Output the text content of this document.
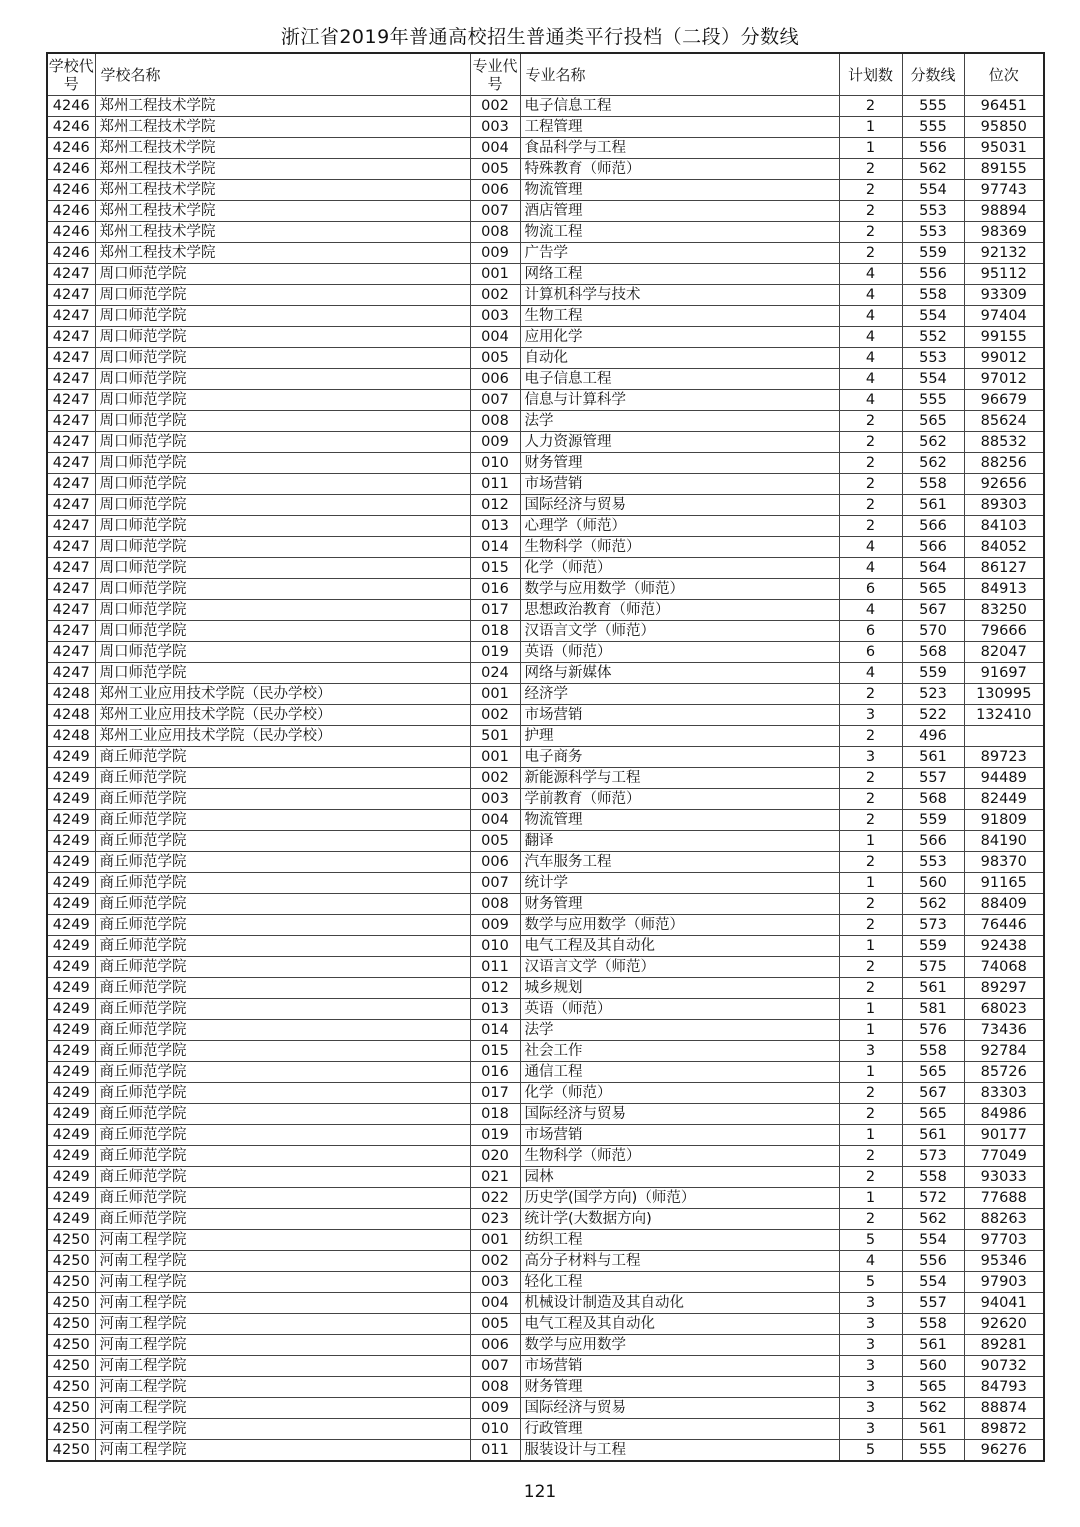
浙江省2019年普通高校招生普通类平行投档（二段）分数线
学校代号	学校名称	专业代号	专业名称	计划数	分数线	位次
4246	郑州工程技术学院	002	电子信息工程	2	555	96451
4246	郑州工程技术学院	003	工程管理	1	555	95850
4246	郑州工程技术学院	004	食品科学与工程	1	556	95031
4246	郑州工程技术学院	005	特殊教育（师范）	2	562	89155
4246	郑州工程技术学院	006	物流管理	2	554	97743
4246	郑州工程技术学院	007	酒店管理	2	553	98894
4246	郑州工程技术学院	008	物流工程	2	553	98369
4246	郑州工程技术学院	009	广告学	2	559	92132
4247	周口师范学院	001	网络工程	4	556	95112
4247	周口师范学院	002	计算机科学与技术	4	558	93309
4247	周口师范学院	003	生物工程	4	554	97404
4247	周口师范学院	004	应用化学	4	552	99155
4247	周口师范学院	005	自动化	4	553	99012
4247	周口师范学院	006	电子信息工程	4	554	97012
4247	周口师范学院	007	信息与计算科学	4	555	96679
4247	周口师范学院	008	法学	2	565	85624
4247	周口师范学院	009	人力资源管理	2	562	88532
4247	周口师范学院	010	财务管理	2	562	88256
4247	周口师范学院	011	市场营销	2	558	92656
4247	周口师范学院	012	国际经济与贸易	2	561	89303
4247	周口师范学院	013	心理学（师范）	2	566	84103
4247	周口师范学院	014	生物科学（师范）	4	566	84052
4247	周口师范学院	015	化学（师范）	4	564	86127
4247	周口师范学院	016	数学与应用数学（师范）	6	565	84913
4247	周口师范学院	017	思想政治教育（师范）	4	567	83250
4247	周口师范学院	018	汉语言文学（师范）	6	570	79666
4247	周口师范学院	019	英语（师范）	6	568	82047
4247	周口师范学院	024	网络与新媒体	4	559	91697
4248	郑州工业应用技术学院（民办学校）	001	经济学	2	523	130995
4248	郑州工业应用技术学院（民办学校）	002	市场营销	3	522	132410
4248	郑州工业应用技术学院（民办学校）	501	护理	2	496	
4249	商丘师范学院	001	电子商务	3	561	89723
4249	商丘师范学院	002	新能源科学与工程	2	557	94489
4249	商丘师范学院	003	学前教育（师范）	2	568	82449
4249	商丘师范学院	004	物流管理	2	559	91809
4249	商丘师范学院	005	翻译	1	566	84190
4249	商丘师范学院	006	汽车服务工程	2	553	98370
4249	商丘师范学院	007	统计学	1	560	91165
4249	商丘师范学院	008	财务管理	2	562	88409
4249	商丘师范学院	009	数学与应用数学（师范）	2	573	76446
4249	商丘师范学院	010	电气工程及其自动化	1	559	92438
4249	商丘师范学院	011	汉语言文学（师范）	2	575	74068
4249	商丘师范学院	012	城乡规划	2	561	89297
4249	商丘师范学院	013	英语（师范）	1	581	68023
4249	商丘师范学院	014	法学	1	576	73436
4249	商丘师范学院	015	社会工作	3	558	92784
4249	商丘师范学院	016	通信工程	1	565	85726
4249	商丘师范学院	017	化学（师范）	2	567	83303
4249	商丘师范学院	018	国际经济与贸易	2	565	84986
4249	商丘师范学院	019	市场营销	1	561	90177
4249	商丘师范学院	020	生物科学（师范）	2	573	77049
4249	商丘师范学院	021	园林	2	558	93033
4249	商丘师范学院	022	历史学(国学方向)（师范）	1	572	77688
4249	商丘师范学院	023	统计学(大数据方向)	2	562	88263
4250	河南工程学院	001	纺织工程	5	554	97703
4250	河南工程学院	002	高分子材料与工程	4	556	95346
4250	河南工程学院	003	轻化工程	5	554	97903
4250	河南工程学院	004	机械设计制造及其自动化	3	557	94041
4250	河南工程学院	005	电气工程及其自动化	3	558	92620
4250	河南工程学院	006	数学与应用数学	3	561	89281
4250	河南工程学院	007	市场营销	3	560	90732
4250	河南工程学院	008	财务管理	3	565	84793
4250	河南工程学院	009	国际经济与贸易	3	562	88874
4250	河南工程学院	010	行政管理	3	561	89872
4250	河南工程学院	011	服装设计与工程	5	555	96276
121
